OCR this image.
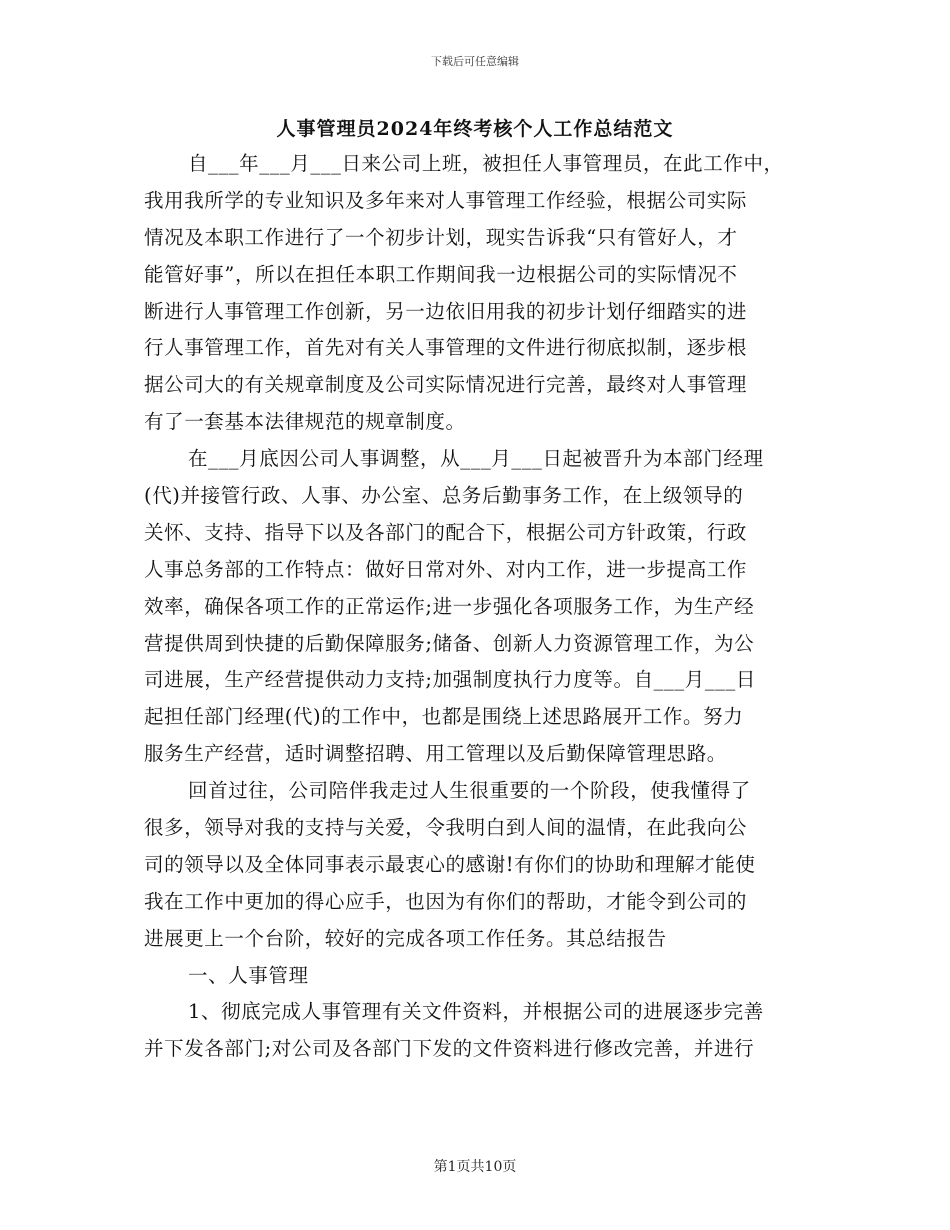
下载后可任意编辑
人事管理员2024年终考核个人工作总结范文
自___年___月___日来公司上班，被担任人事管理员，在此工作中，
我用我所学的专业知识及多年来对人事管理工作经验，根据公司实际
情况及本职工作进行了一个初步计划，现实告诉我“只有管好人，才
能管好事”，所以在担任本职工作期间我一边根据公司的实际情况不
断进行人事管理工作创新，另一边依旧用我的初步计划仔细踏实的进
行人事管理工作，首先对有关人事管理的文件进行彻底拟制，逐步根
据公司大的有关规章制度及公司实际情况进行完善，最终对人事管理
有了一套基本法律规范的规章制度。
在___月底因公司人事调整，从___月___日起被晋升为本部门经理
(代)并接管行政、人事、办公室、总务后勤事务工作，在上级领导的
关怀、支持、指导下以及各部门的配合下，根据公司方针政策，行政
人事总务部的工作特点：做好日常对外、对内工作，进一步提高工作
效率，确保各项工作的正常运作;进一步强化各项服务工作，为生产经
营提供周到快捷的后勤保障服务;储备、创新人力资源管理工作，为公
司进展，生产经营提供动力支持;加强制度执行力度等。自___月___日
起担任部门经理(代)的工作中，也都是围绕上述思路展开工作。努力
服务生产经营，适时调整招聘、用工管理以及后勤保障管理思路。
回首过往，公司陪伴我走过人生很重要的一个阶段，使我懂得了
很多，领导对我的支持与关爱，令我明白到人间的温情，在此我向公
司的领导以及全体同事表示最衷心的感谢!有你们的协助和理解才能使
我在工作中更加的得心应手，也因为有你们的帮助，才能令到公司的
进展更上一个台阶，较好的完成各项工作任务。其总结报告
一、人事管理
1、彻底完成人事管理有关文件资料，并根据公司的进展逐步完善
并下发各部门;对公司及各部门下发的文件资料进行修改完善，并进行
第1页共10页
